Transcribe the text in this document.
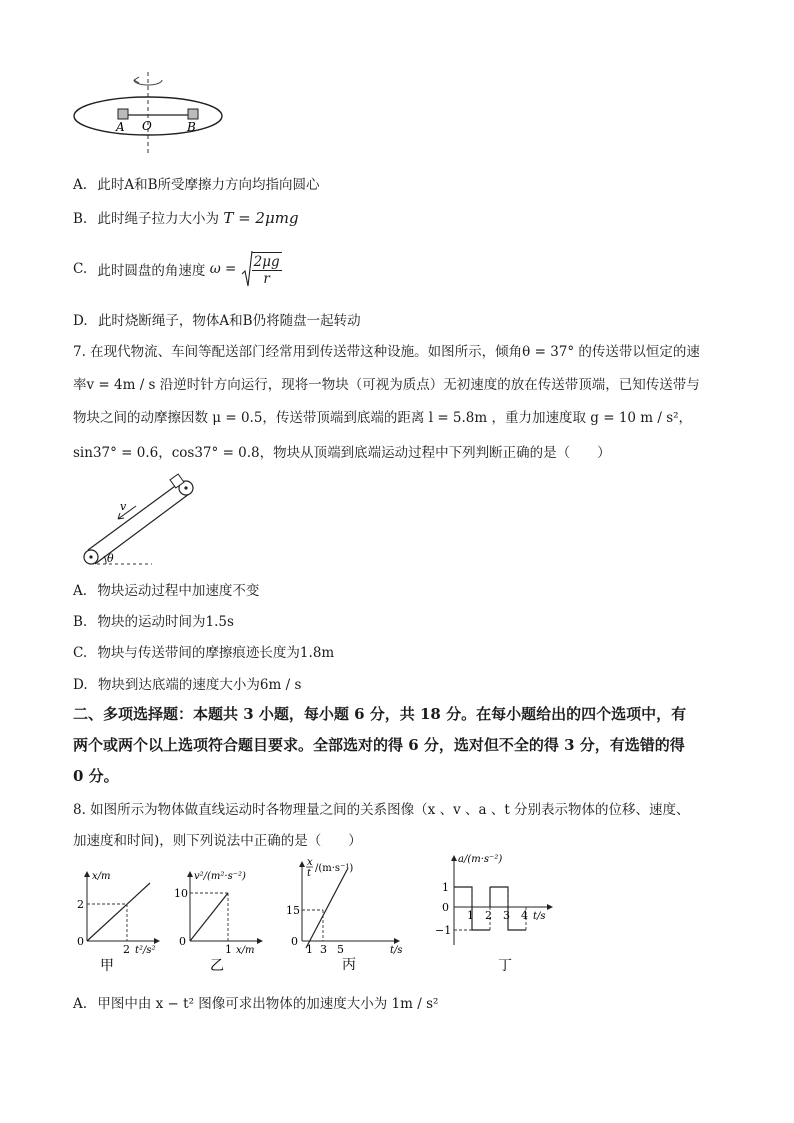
A O	B
A. 此时A和B所受摩擦力方向均指向圆心
B. 此时绳子拉力大小为 T = 2μmg
C. 此时圆盘的角速度 $\omega = \frac{2\mu g}{r}$
D. 此时烧断绳子，物体A和B仍将随盘一起转动
7. 在现代物流、车间等配送部门经常用到传送带这种设施。如图所示，倾角θ = 37° 的传送带以恒定的速
率v = 4m / s 沿逆时针方向运行，现将一物块（可视为质点）无初速度的放在传送带顶端，已知传送带与
物块之间的动摩擦因数 μ = 0.5，传送带顶端到底端的距离 l = 5.8m ，重力加速度取 g = 10 m / s²，
sin37° = 0.6，cos37° = 0.8，物块从顶端到底端运动过程中下列判断正确的是（　　）
v
θ
A. 物块运动过程中加速度不变
B. 物块的运动时间为1.5s
C. 物块与传送带间的摩擦痕迹长度为1.8m
D. 物块到达底端的速度大小为6m / s
二、多项选择题：本题共 3 小题，每小题 6 分，共 18 分。在每小题给出的四个选项中，有
两个或两个以上选项符合题目要求。全部选对的得 6 分，选对但不全的得 3 分，有选错的得
0 分。
8. 如图所示为物体做直线运动时各物理量之间的关系图像（x 、v 、a 、t 分别表示物体的位移、速度、
加速度和时间)，则下列说法中正确的是（　　）
x/m
2
0
2 t²/s²
甲
v²/(m²·s⁻²)
10
0
1 x/m
乙
x
t /(m·s⁻¹)
15
0
1 3 5	t/s
丙
a/(m·s⁻²)
1
0
−1
1 2 3 4 t/s
丁
A. 甲图中由 x − t² 图像可求出物体的加速度大小为 1m / s²
